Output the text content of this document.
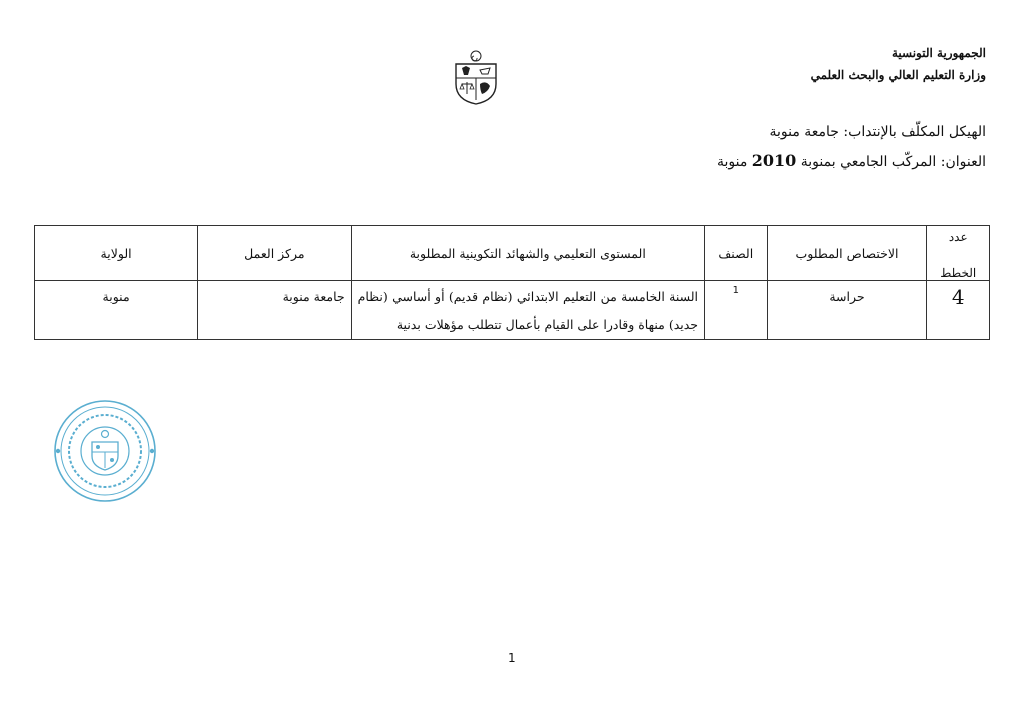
الجمهورية التونسية
وزارة التعليم العالي والبحث العلمي
الهيكل المكلّف بالإنتداب: جامعة منوبة
العنوان: المركّب الجامعي بمنوبة 2010 منوبة
عدد
الخطط	الاختصاص المطلوب	الصنف	المستوى التعليمي والشهائد التكوينية المطلوبة	مركز العمل	الولاية

4	حراسة	1	السنة الخامسة من التعليم الابتدائي (نظام قديم) أو أساسي (نظام جديد) منهاة وقادرا على القيام بأعمال تتطلب مؤهلات بدنية	جامعة منوبة	منوبة
1
